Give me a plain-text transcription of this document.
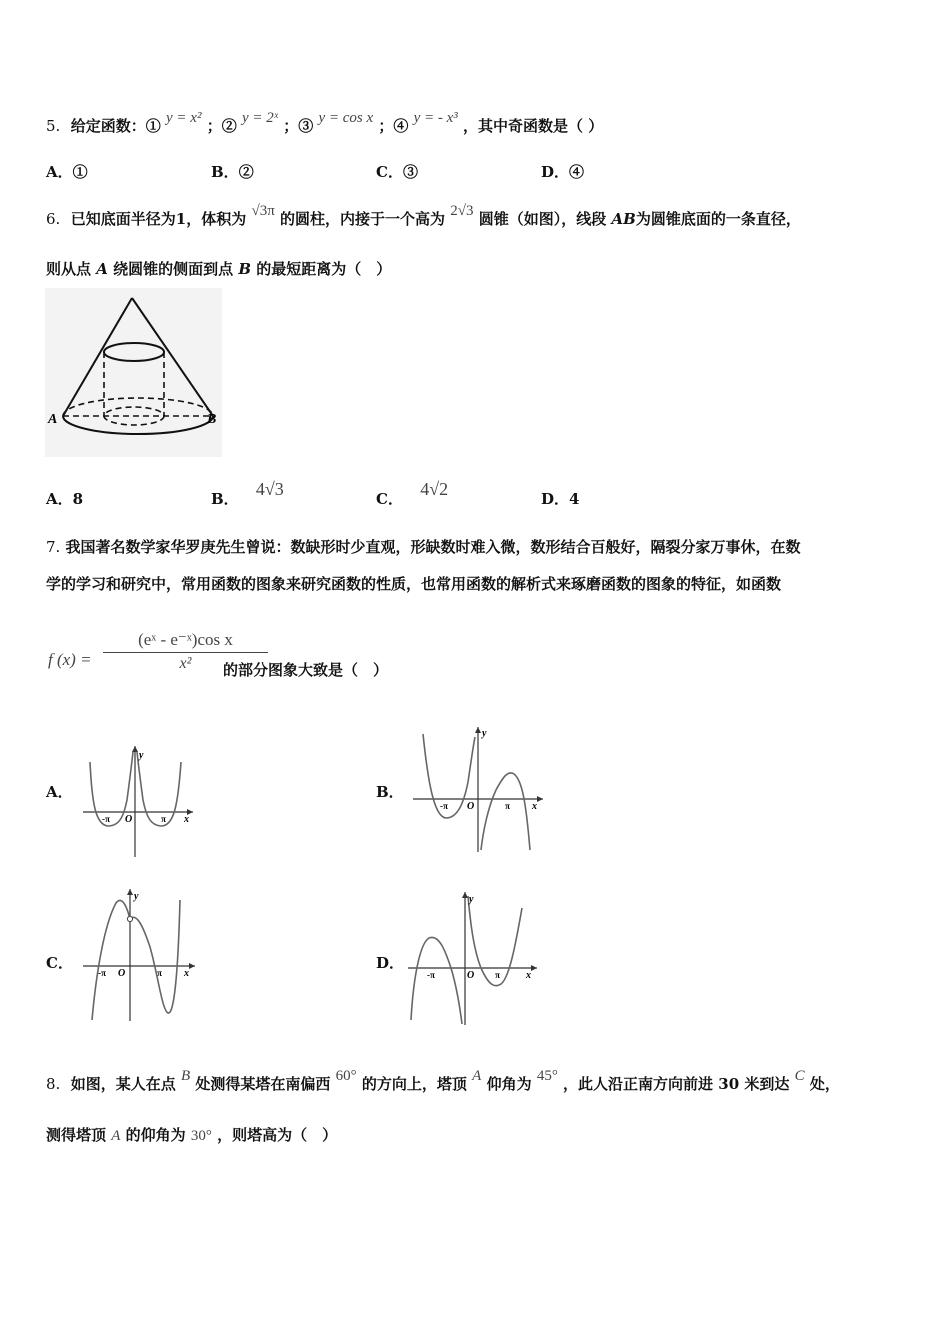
5. 给定函数：① y = x² ；② y = 2ˣ ；③ y = cos x ；④ y = - x³ ，其中奇函数是（ ）
A．①	B．②	C．③	D．④
6. 已知底面半径为1，体积为 √3π 的圆柱，内接于一个高为 2√3 圆锥（如图），线段 AB为圆锥底面的一条直径，
则从点 A 绕圆锥的侧面到点 B 的最短距离为（　）
A	B
A．8	B． 4√3	C． 4√2	D．4
7. 我国著名数学家华罗庚先生曾说：数缺形时少直观，形缺数时难入微，数形结合百般好，隔裂分家万事休，在数
学的学习和研究中，常用函数的图象来研究函数的性质，也常用函数的解析式来琢磨函数的图象的特征，如函数
f (x) =
(eˣ - e⁻ˣ)cos x
x²	的部分图象大致是（　）
A．	B．
C．	D．
y
x
O
-π	π
y
x
O
-π	π
y
x
O
-π	π
y
x
O
-π	π
8. 如图，某人在点 B 处测得某塔在南偏西 60° 的方向上，塔顶 A 仰角为 45° ，此人沿正南方向前进 30 米到达 C 处，
测得塔顶 A 的仰角为 30° ，则塔高为（　）
